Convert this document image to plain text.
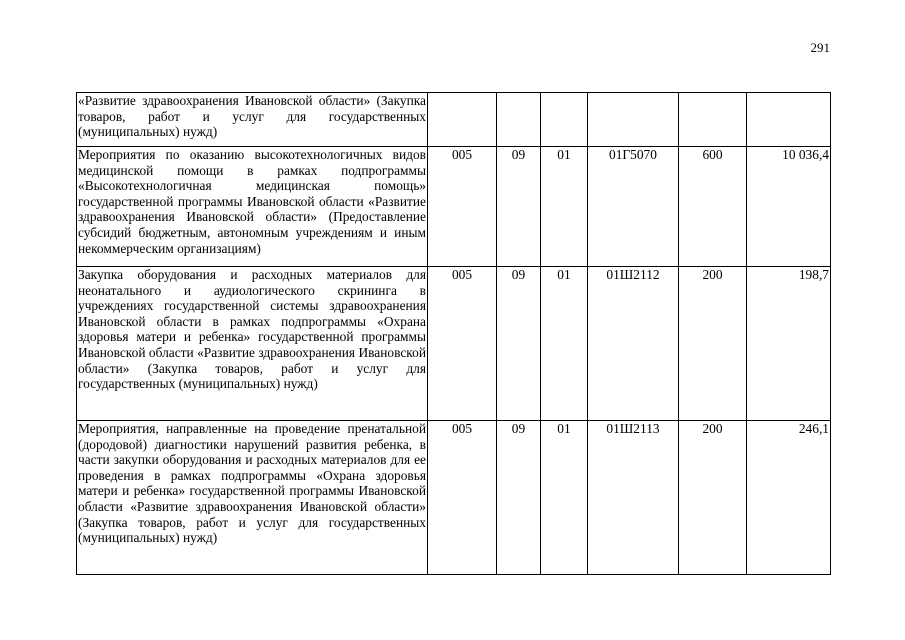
291
«Развитие здравоохранения Ивановской области» (Закупка товаров, работ и услуг для государственных (муниципальных) нужд)						
Мероприятия по оказанию высокотехнологичных видов медицинской помощи в рамках подпрограммы «Высокотехнологичная медицинская помощь» государственной программы Ивановской области «Развитие здравоохранения Ивановской области» (Предоставление субсидий бюджетным, автономным учреждениям и иным некоммерческим организациям)	005	09	01	01Г5070	600	10 036,4
Закупка оборудования и расходных материалов для неонатального и аудиологического скрининга в учреждениях государственной системы здравоохранения Ивановской области в рамках подпрограммы «Охрана здоровья матери и ребенка» государственной программы Ивановской области «Развитие здравоохранения Ивановской области» (Закупка товаров, работ и услуг для государственных (муниципальных) нужд)	005	09	01	01Ш2112	200	198,7
Мероприятия, направленные на проведение пренатальной (дородовой) диагностики нарушений развития ребенка, в части закупки оборудования и расходных материалов для ее проведения в рамках подпрограммы «Охрана здоровья матери и ребенка» государственной программы Ивановской области «Развитие здравоохранения Ивановской области» (Закупка товаров, работ и услуг для государственных (муниципальных) нужд)	005	09	01	01Ш2113	200	246,1
